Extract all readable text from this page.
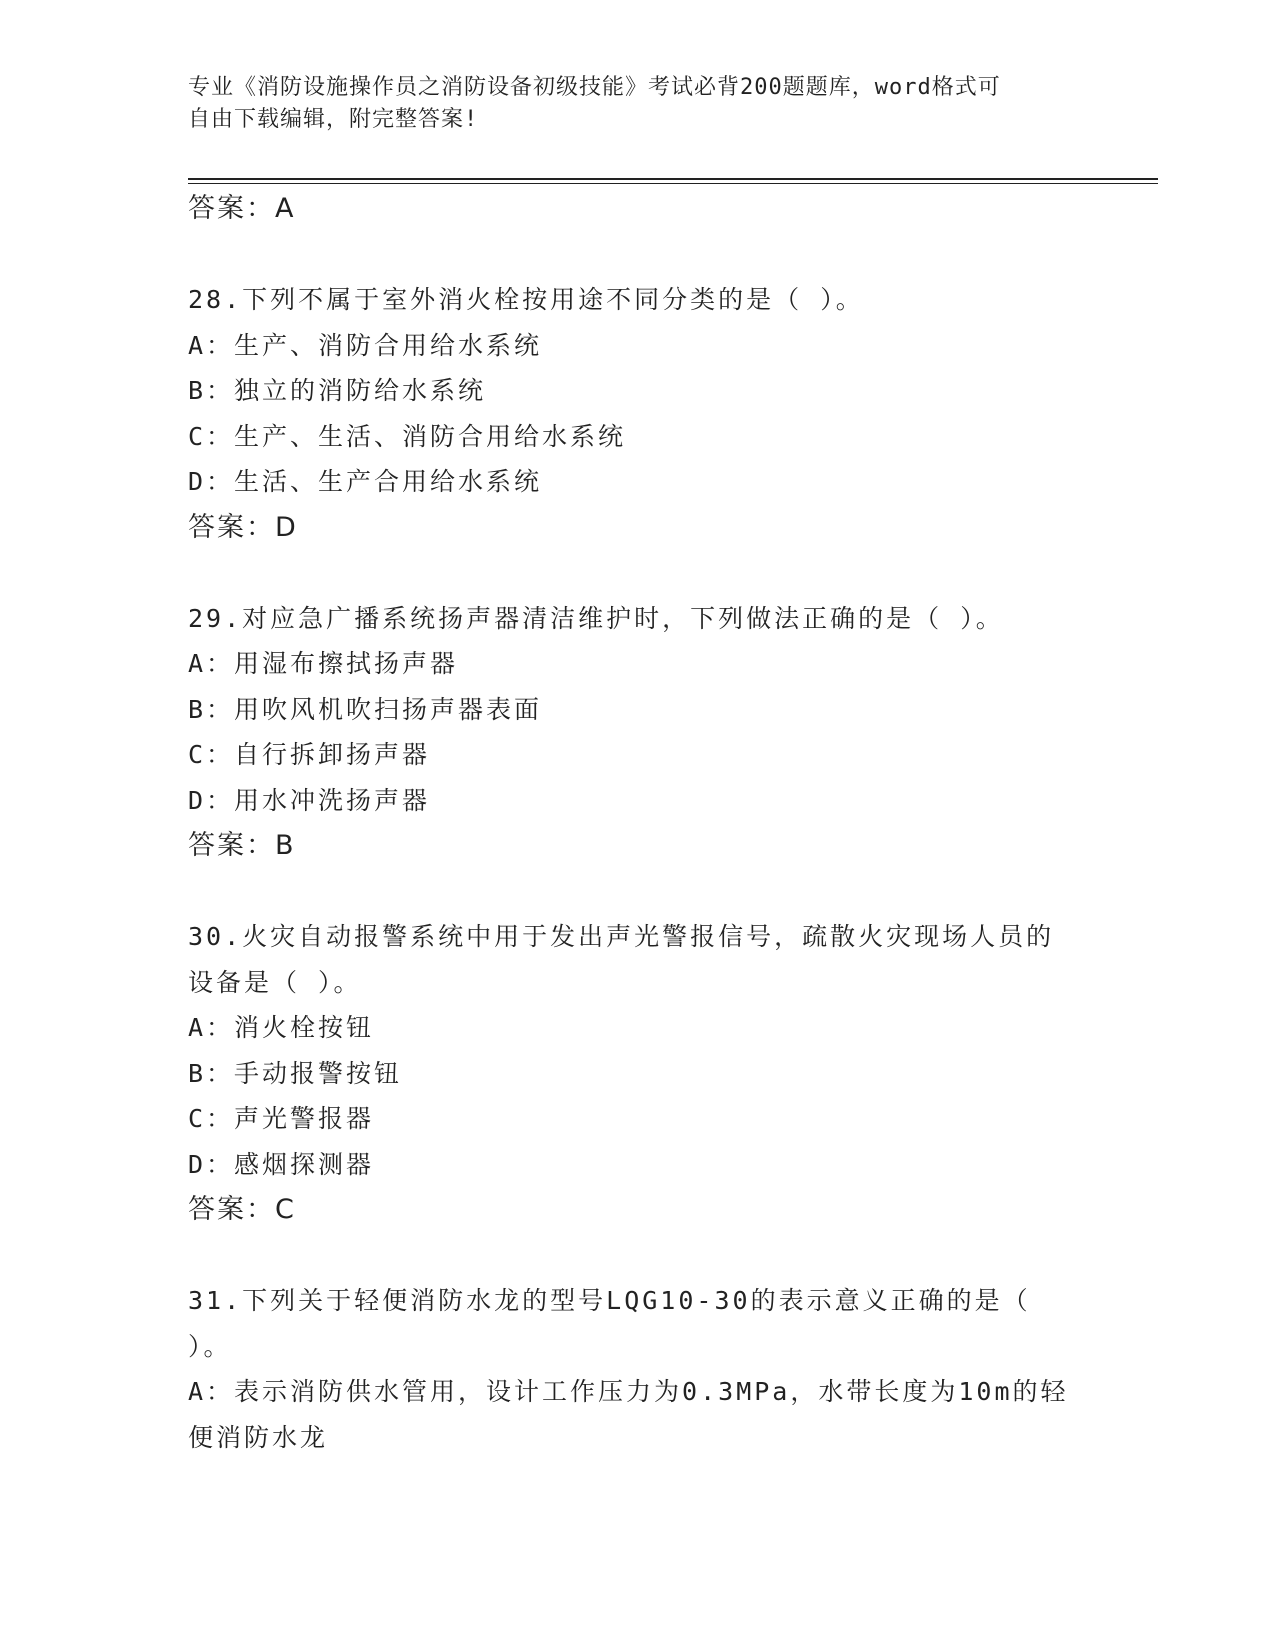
专业《消防设施操作员之消防设备初级技能》考试必背200题题库，word格式可
自由下载编辑，附完整答案!
答案：A
28.下列不属于室外消火栓按用途不同分类的是（ ）。
A：生产、消防合用给水系统
B：独立的消防给水系统
C：生产、生活、消防合用给水系统
D：生活、生产合用给水系统
答案：D
29.对应急广播系统扬声器清洁维护时，下列做法正确的是（ ）。
A：用湿布擦拭扬声器
B：用吹风机吹扫扬声器表面
C：自行拆卸扬声器
D：用水冲洗扬声器
答案：B
30.火灾自动报警系统中用于发出声光警报信号，疏散火灾现场人员的
设备是（ ）。
A：消火栓按钮
B：手动报警按钮
C：声光警报器
D：感烟探测器
答案：C
31.下列关于轻便消防水龙的型号LQG10-30的表示意义正确的是（
）。
A：表示消防供水管用，设计工作压力为0.3MPa，水带长度为10m的轻
便消防水龙
